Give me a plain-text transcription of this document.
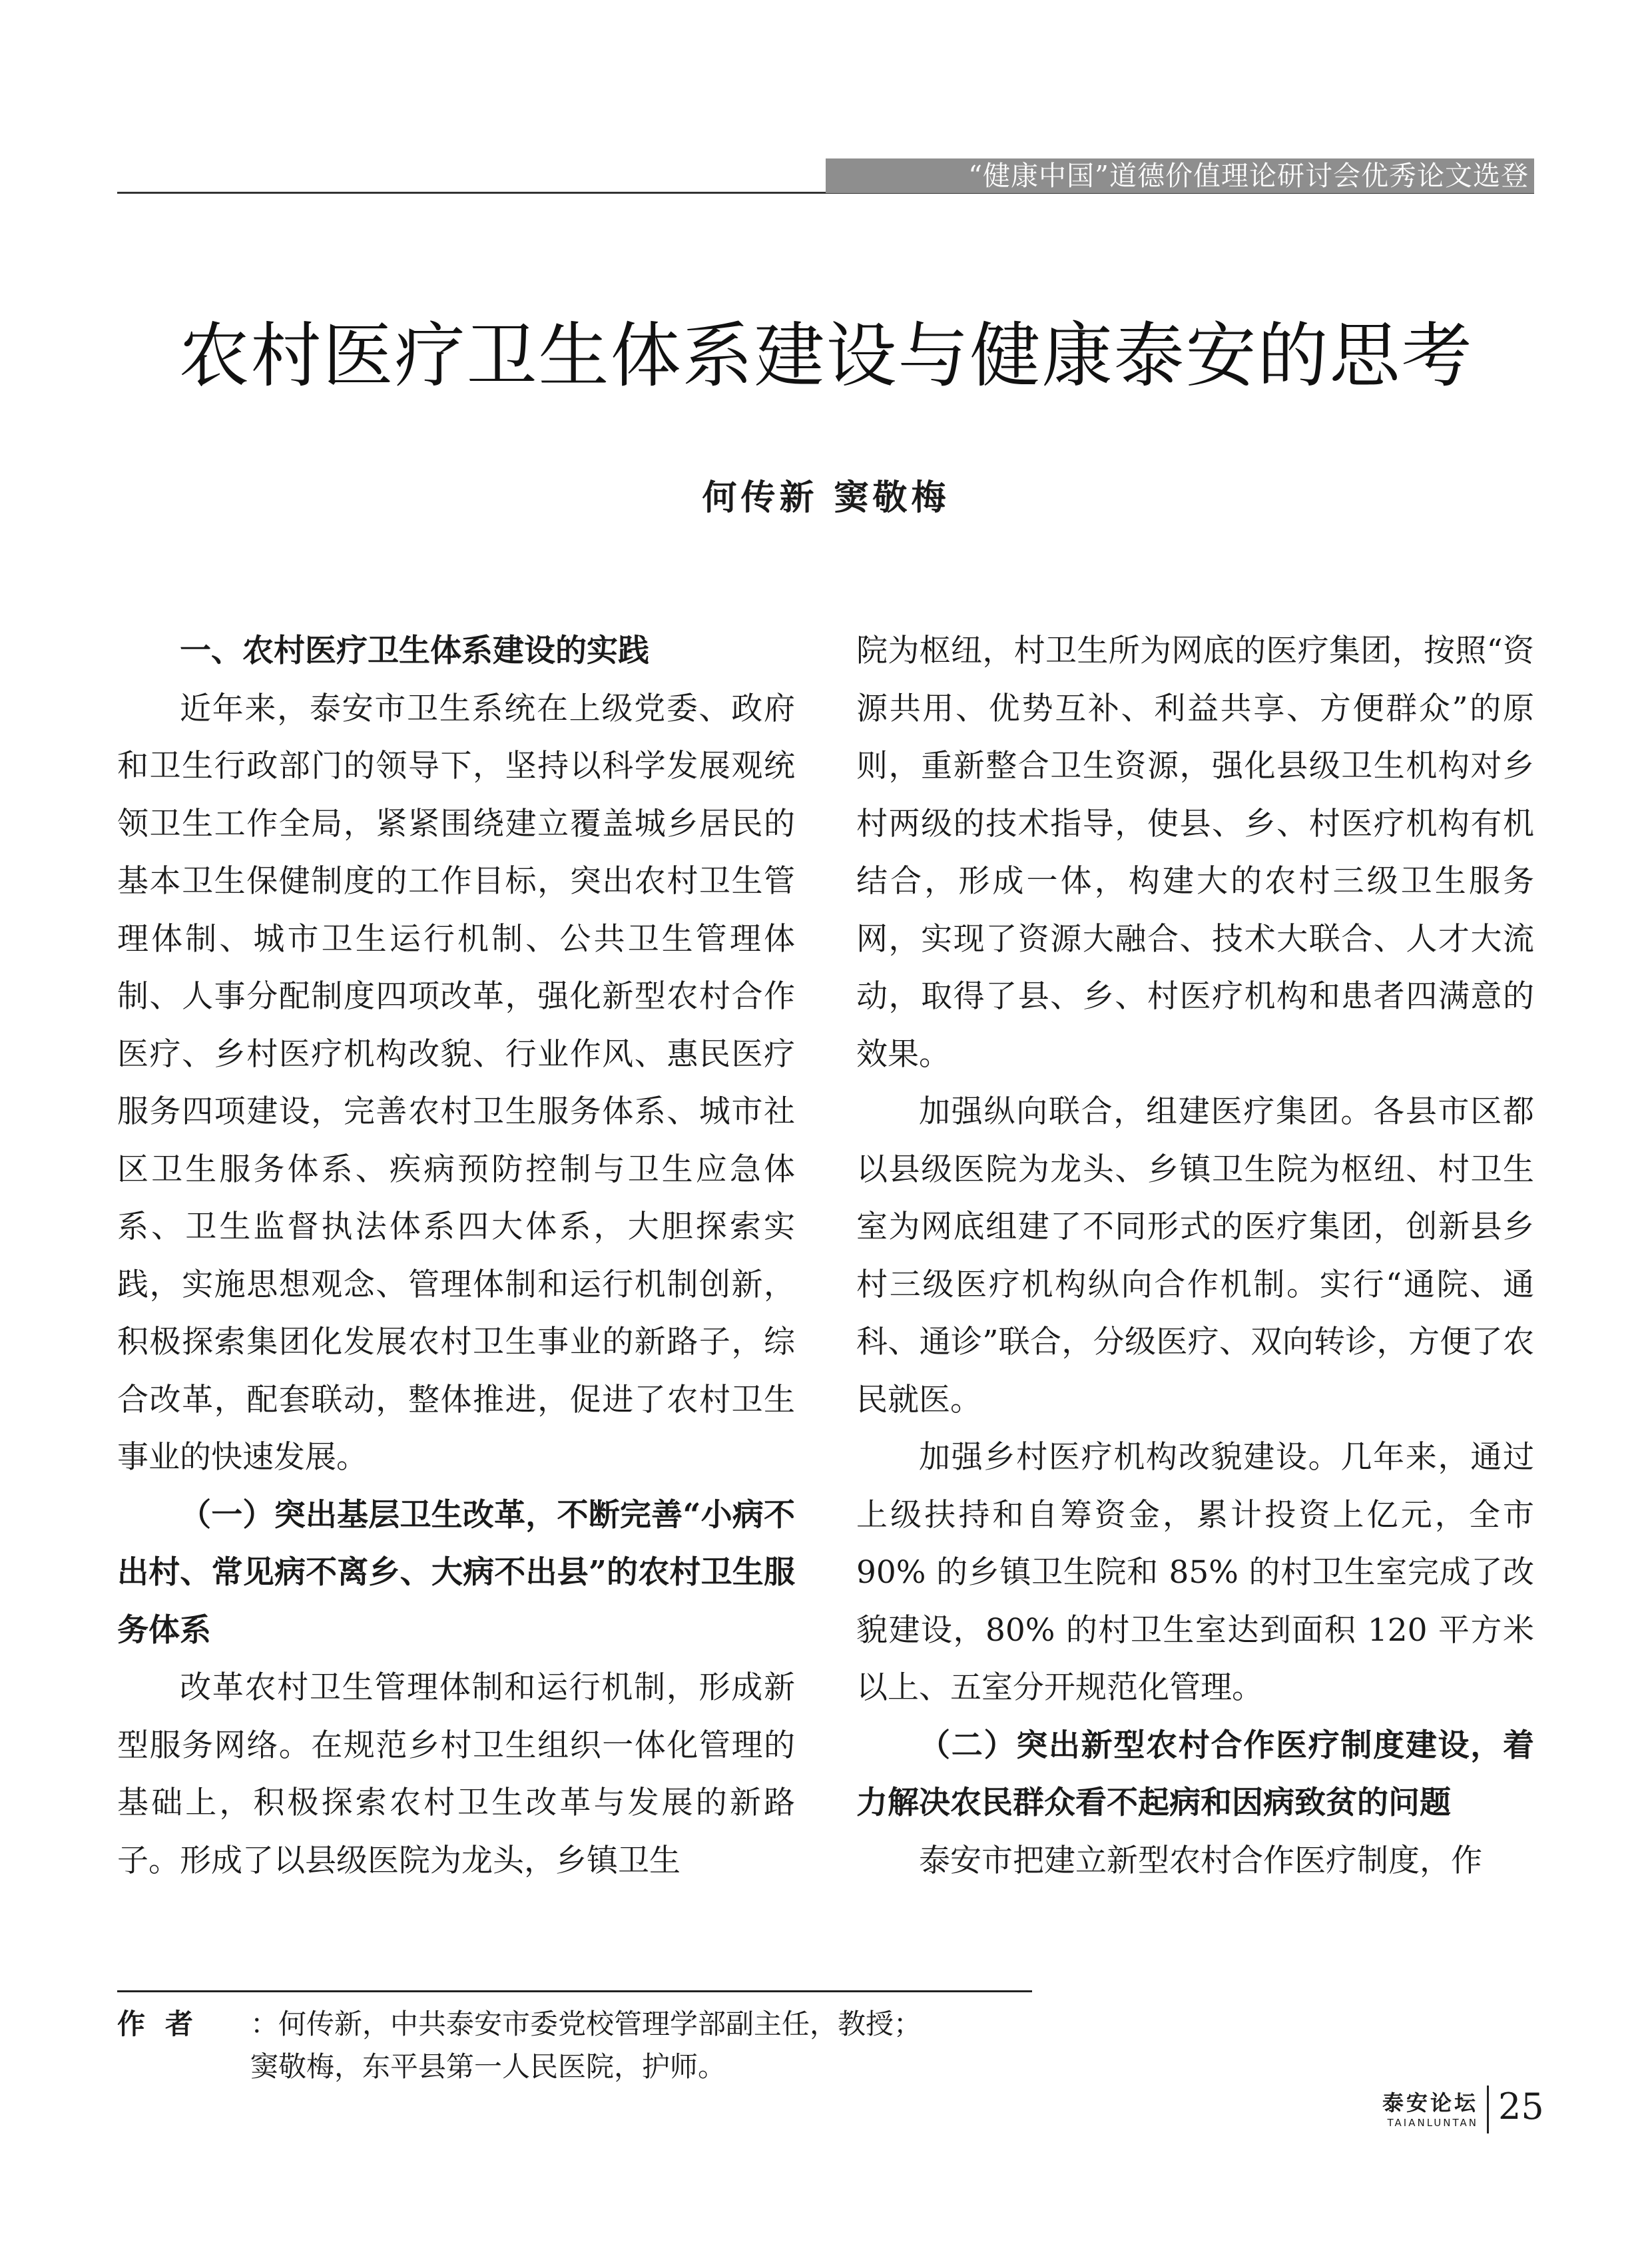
“健康中国”道德价值理论研讨会优秀论文选登
农村医疗卫生体系建设与健康泰安的思考
何传新 窦敬梅
一、农村医疗卫生体系建设的实践

近年来，泰安市卫生系统在上级党委、政府和卫生行政部门的领导下，坚持以科学发展观统领卫生工作全局，紧紧围绕建立覆盖城乡居民的基本卫生保健制度的工作目标，突出农村卫生管理体制、城市卫生运行机制、公共卫生管理体制、人事分配制度四项改革，强化新型农村合作医疗、乡村医疗机构改貌、行业作风、惠民医疗服务四项建设，完善农村卫生服务体系、城市社区卫生服务体系、疾病预防控制与卫生应急体系、卫生监督执法体系四大体系，大胆探索实践，实施思想观念、管理体制和运行机制创新，积极探索集团化发展农村卫生事业的新路子，综合改革，配套联动，整体推进，促进了农村卫生事业的快速发展。

（一）突出基层卫生改革，不断完善“小病不出村、常见病不离乡、大病不出县”的农村卫生服务体系

改革农村卫生管理体制和运行机制，形成新型服务网络。在规范乡村卫生组织一体化管理的基础上，积极探索农村卫生改革与发展的新路子。形成了以县级医院为龙头，乡镇卫生

院为枢纽，村卫生所为网底的医疗集团，按照“资源共用、优势互补、利益共享、方便群众”的原则，重新整合卫生资源，强化县级卫生机构对乡村两级的技术指导，使县、乡、村医疗机构有机结合，形成一体，构建大的农村三级卫生服务网，实现了资源大融合、技术大联合、人才大流动，取得了县、乡、村医疗机构和患者四满意的效果。

加强纵向联合，组建医疗集团。各县市区都以县级医院为龙头、乡镇卫生院为枢纽、村卫生室为网底组建了不同形式的医疗集团，创新县乡村三级医疗机构纵向合作机制。实行“通院、通科、通诊”联合，分级医疗、双向转诊，方便了农民就医。

加强乡村医疗机构改貌建设。几年来，通过上级扶持和自筹资金，累计投资上亿元，全市 90% 的乡镇卫生院和 85% 的村卫生室完成了改貌建设，80% 的村卫生室达到面积 120 平方米以上、五室分开规范化管理。

（二）突出新型农村合作医疗制度建设，着力解决农民群众看不起病和因病致贫的问题

泰安市把建立新型农村合作医疗制度，作

作者 ：何传新，中共泰安市委党校管理学部副主任，教授；
窦敬梅，东平县第一人民医院，护师。
泰安论坛
TAIANLUNTAN 25
